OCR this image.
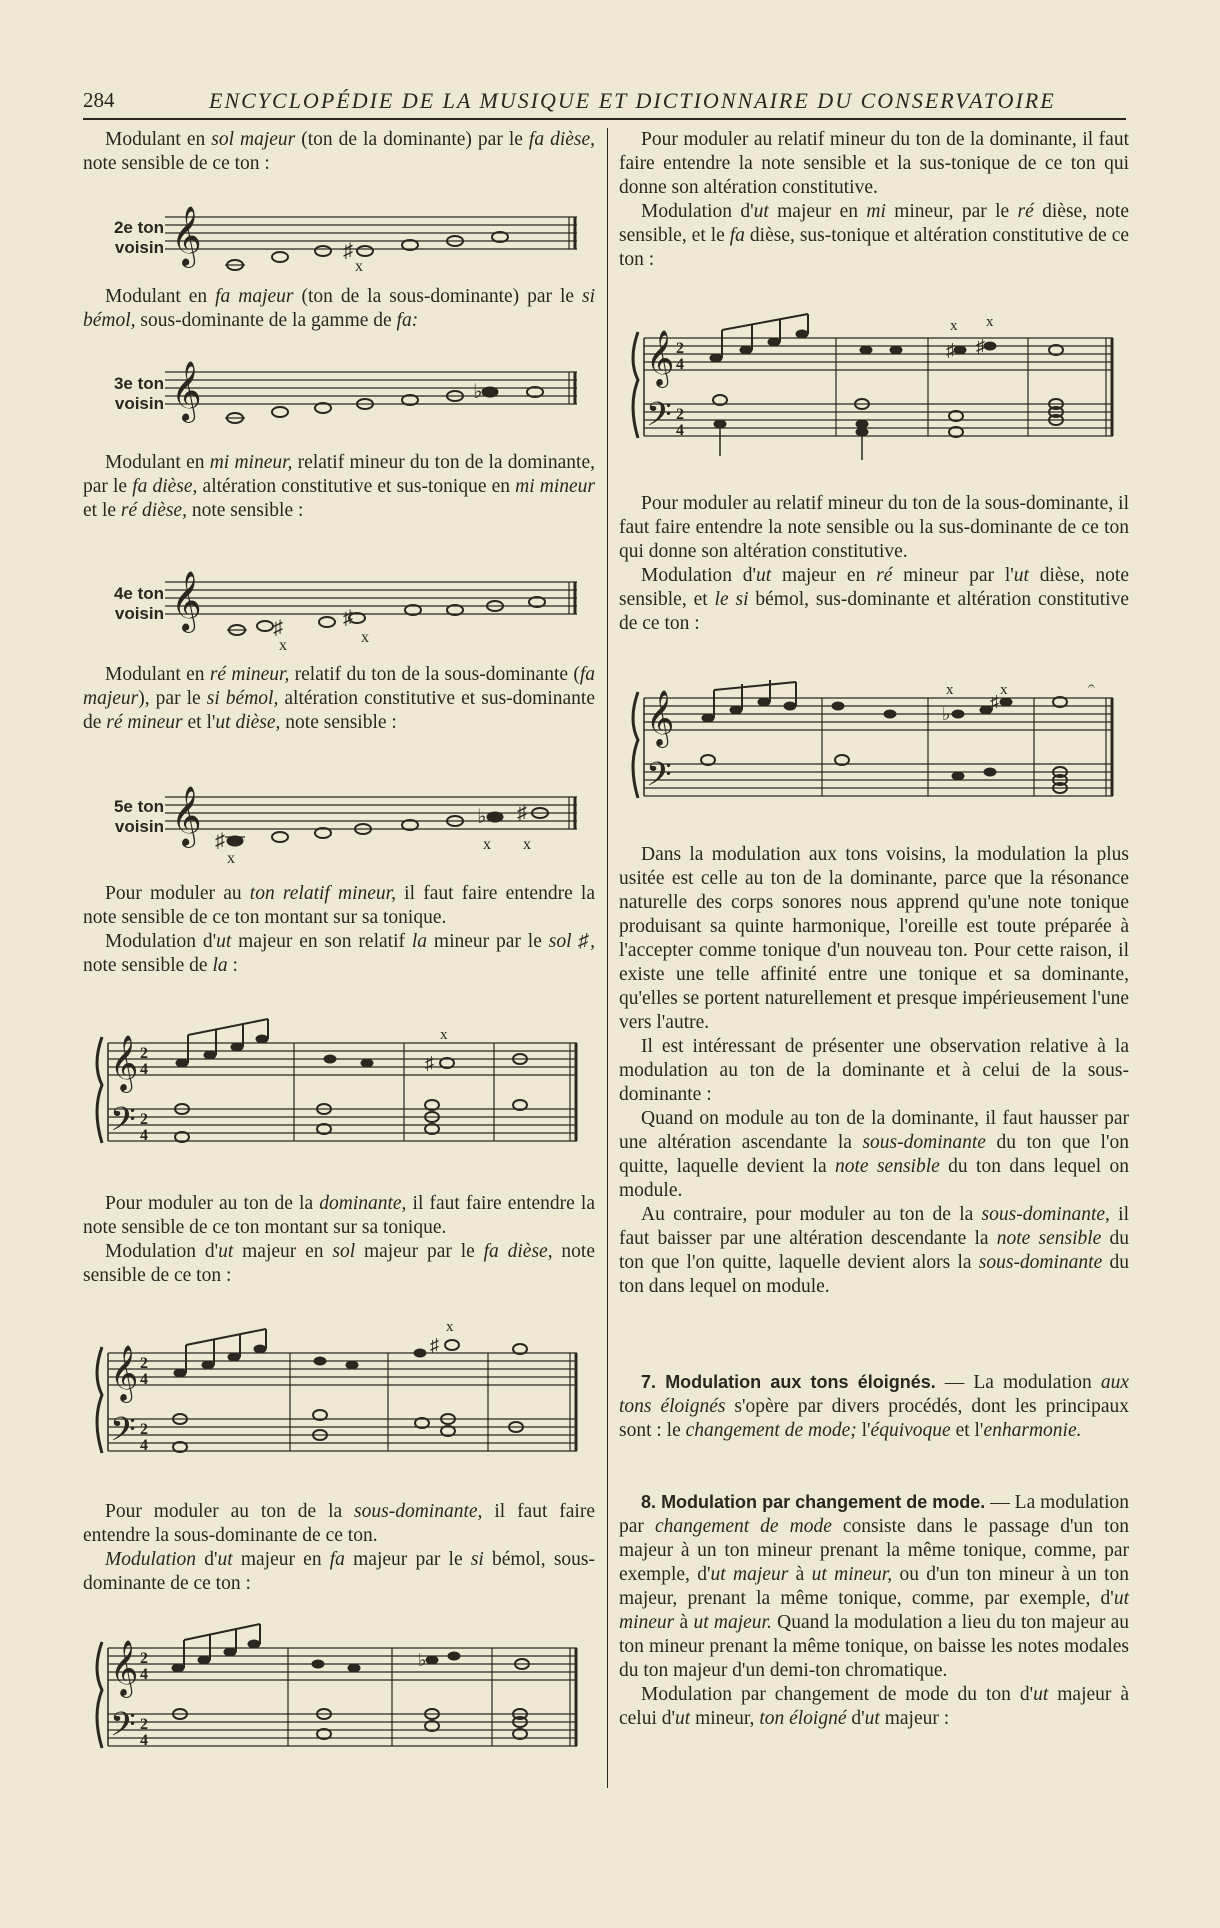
284	ENCYCLOPÉDIE DE LA MUSIQUE ET DICTIONNAIRE DU CONSERVATOIRE

Modulant en sol majeur (ton de la dominante) par le fa dièse, note sensible de ce ton :

2e ton
voisin 𝄞	♯
x

Modulant en fa majeur (ton de la sous-dominante) par le si bémol, sous-dominante de la gamme de fa:

3e ton
voisin 𝄞	♭

Modulant en mi mineur, relatif mineur du ton de la dominante, par le fa dièse, altération constitutive et sus-tonique en mi mineur et le ré dièse, note sensible :

4e ton
voisin 𝄞	♯
x
♯
x

Modulant en ré mineur, relatif du ton de la sous-dominante (fa majeur), par le si bémol, altération constitutive et sus-dominante de ré mineur et l'ut dièse, note sensible :

5e ton
voisin 𝄞 ♯
x
♭ ♯
x x

Pour moduler au ton relatif mineur, il faut faire entendre la note sensible de ce ton montant sur sa tonique.

Modulation d'ut majeur en son relatif la mineur par le sol ♯, note sensible de la :

𝄞
𝄢
2
4
2
4
♯
x

Pour moduler au ton de la dominante, il faut faire entendre la note sensible de ce ton montant sur sa tonique.

Modulation d'ut majeur en sol majeur par le fa dièse, note sensible de ce ton :

𝄞
𝄢
2
4
2
4
♯
x

Pour moduler au ton de la sous-dominante, il faut faire entendre la sous-dominante de ce ton.

Modulation d'ut majeur en fa majeur par le si bémol, sous-dominante de ce ton :

𝄞
𝄢
2
4
2
4
♭

Pour moduler au relatif mineur du ton de la dominante, il faut faire entendre la note sensible et la sus-tonique de ce ton qui donne son altération constitutive.

Modulation d'ut majeur en mi mineur, par le ré dièse, note sensible, et le fa dièse, sus-tonique et altération constitutive de ce ton :

𝄞
𝄢
2
4
2
4
♯ ♯
x x

Pour moduler au relatif mineur du ton de la sous-dominante, il faut faire entendre la note sensible ou la sus-dominante de ce ton qui donne son altération constitutive.

Modulation d'ut majeur en ré mineur par l'ut dièse, note sensible, et le si bémol, sus-dominante et altération constitutive de ce ton :

𝄞
𝄢
♭
♯
x	x	𝄐

Dans la modulation aux tons voisins, la modulation la plus usitée est celle au ton de la dominante, parce que la résonance naturelle des corps sonores nous apprend qu'une note tonique produisant sa quinte harmonique, l'oreille est toute préparée à l'accepter comme tonique d'un nouveau ton. Pour cette raison, il existe une telle affinité entre une tonique et sa dominante, qu'elles se portent naturellement et presque impérieusement l'une vers l'autre.

Il est intéressant de présenter une observation relative à la modulation au ton de la dominante et à celui de la sous-dominante :

Quand on module au ton de la dominante, il faut hausser par une altération ascendante la sous-dominante du ton que l'on quitte, laquelle devient la note sensible du ton dans lequel on module.

Au contraire, pour moduler au ton de la sous-dominante, il faut baisser par une altération descendante la note sensible du ton que l'on quitte, laquelle devient alors la sous-dominante du ton dans lequel on module.

7. Modulation aux tons éloignés. — La modulation aux tons éloignés s'opère par divers procédés, dont les principaux sont : le changement de mode; l'équivoque et l'enharmonie.

8. Modulation par changement de mode. — La modulation par changement de mode consiste dans le passage d'un ton majeur à un ton mineur prenant la même tonique, comme, par exemple, d'ut majeur à ut mineur, ou d'un ton mineur à un ton majeur, prenant la même tonique, comme, par exemple, d'ut mineur à ut majeur. Quand la modulation a lieu du ton majeur au ton mineur prenant la même tonique, on baisse les notes modales du ton majeur d'un demi-ton chromatique.

Modulation par changement de mode du ton d'ut majeur à celui d'ut mineur, ton éloigné d'ut majeur :
